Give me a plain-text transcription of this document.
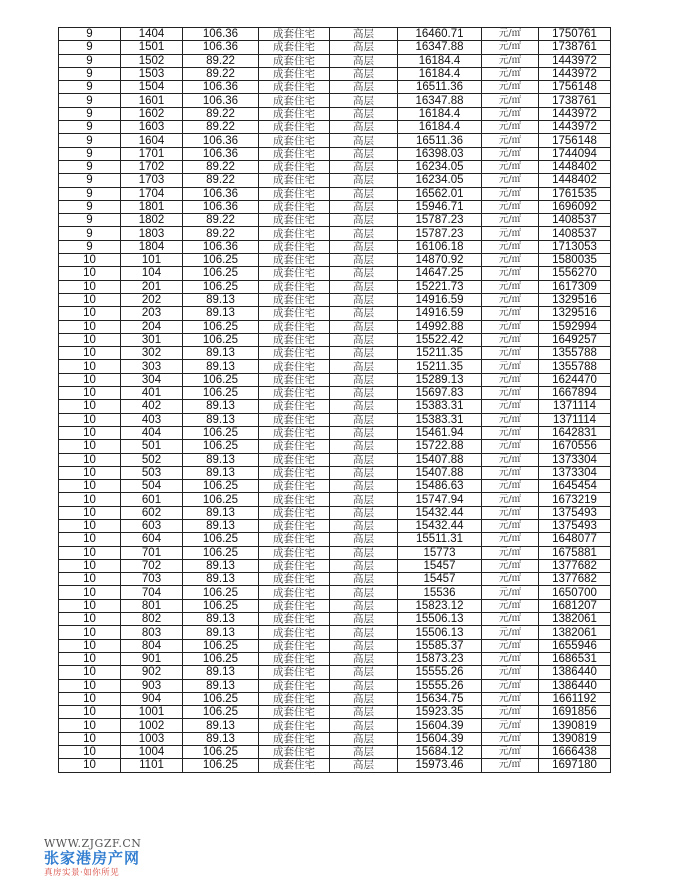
9	1404	106.36	成套住宅	高层	16460.71	元/㎡	1750761
9	1501	106.36	成套住宅	高层	16347.88	元/㎡	1738761
9	1502	89.22	成套住宅	高层	16184.4	元/㎡	1443972
9	1503	89.22	成套住宅	高层	16184.4	元/㎡	1443972
9	1504	106.36	成套住宅	高层	16511.36	元/㎡	1756148
9	1601	106.36	成套住宅	高层	16347.88	元/㎡	1738761
9	1602	89.22	成套住宅	高层	16184.4	元/㎡	1443972
9	1603	89.22	成套住宅	高层	16184.4	元/㎡	1443972
9	1604	106.36	成套住宅	高层	16511.36	元/㎡	1756148
9	1701	106.36	成套住宅	高层	16398.03	元/㎡	1744094
9	1702	89.22	成套住宅	高层	16234.05	元/㎡	1448402
9	1703	89.22	成套住宅	高层	16234.05	元/㎡	1448402
9	1704	106.36	成套住宅	高层	16562.01	元/㎡	1761535
9	1801	106.36	成套住宅	高层	15946.71	元/㎡	1696092
9	1802	89.22	成套住宅	高层	15787.23	元/㎡	1408537
9	1803	89.22	成套住宅	高层	15787.23	元/㎡	1408537
9	1804	106.36	成套住宅	高层	16106.18	元/㎡	1713053
10	101	106.25	成套住宅	高层	14870.92	元/㎡	1580035
10	104	106.25	成套住宅	高层	14647.25	元/㎡	1556270
10	201	106.25	成套住宅	高层	15221.73	元/㎡	1617309
10	202	89.13	成套住宅	高层	14916.59	元/㎡	1329516
10	203	89.13	成套住宅	高层	14916.59	元/㎡	1329516
10	204	106.25	成套住宅	高层	14992.88	元/㎡	1592994
10	301	106.25	成套住宅	高层	15522.42	元/㎡	1649257
10	302	89.13	成套住宅	高层	15211.35	元/㎡	1355788
10	303	89.13	成套住宅	高层	15211.35	元/㎡	1355788
10	304	106.25	成套住宅	高层	15289.13	元/㎡	1624470
10	401	106.25	成套住宅	高层	15697.83	元/㎡	1667894
10	402	89.13	成套住宅	高层	15383.31	元/㎡	1371114
10	403	89.13	成套住宅	高层	15383.31	元/㎡	1371114
10	404	106.25	成套住宅	高层	15461.94	元/㎡	1642831
10	501	106.25	成套住宅	高层	15722.88	元/㎡	1670556
10	502	89.13	成套住宅	高层	15407.88	元/㎡	1373304
10	503	89.13	成套住宅	高层	15407.88	元/㎡	1373304
10	504	106.25	成套住宅	高层	15486.63	元/㎡	1645454
10	601	106.25	成套住宅	高层	15747.94	元/㎡	1673219
10	602	89.13	成套住宅	高层	15432.44	元/㎡	1375493
10	603	89.13	成套住宅	高层	15432.44	元/㎡	1375493
10	604	106.25	成套住宅	高层	15511.31	元/㎡	1648077
10	701	106.25	成套住宅	高层	15773	元/㎡	1675881
10	702	89.13	成套住宅	高层	15457	元/㎡	1377682
10	703	89.13	成套住宅	高层	15457	元/㎡	1377682
10	704	106.25	成套住宅	高层	15536	元/㎡	1650700
10	801	106.25	成套住宅	高层	15823.12	元/㎡	1681207
10	802	89.13	成套住宅	高层	15506.13	元/㎡	1382061
10	803	89.13	成套住宅	高层	15506.13	元/㎡	1382061
10	804	106.25	成套住宅	高层	15585.37	元/㎡	1655946
10	901	106.25	成套住宅	高层	15873.23	元/㎡	1686531
10	902	89.13	成套住宅	高层	15555.26	元/㎡	1386440
10	903	89.13	成套住宅	高层	15555.26	元/㎡	1386440
10	904	106.25	成套住宅	高层	15634.75	元/㎡	1661192
10	1001	106.25	成套住宅	高层	15923.35	元/㎡	1691856
10	1002	89.13	成套住宅	高层	15604.39	元/㎡	1390819
10	1003	89.13	成套住宅	高层	15604.39	元/㎡	1390819
10	1004	106.25	成套住宅	高层	15684.12	元/㎡	1666438
10	1101	106.25	成套住宅	高层	15973.46	元/㎡	1697180
WWW.ZJGZF.CN
张家港房产网
真房实景·如你所见
